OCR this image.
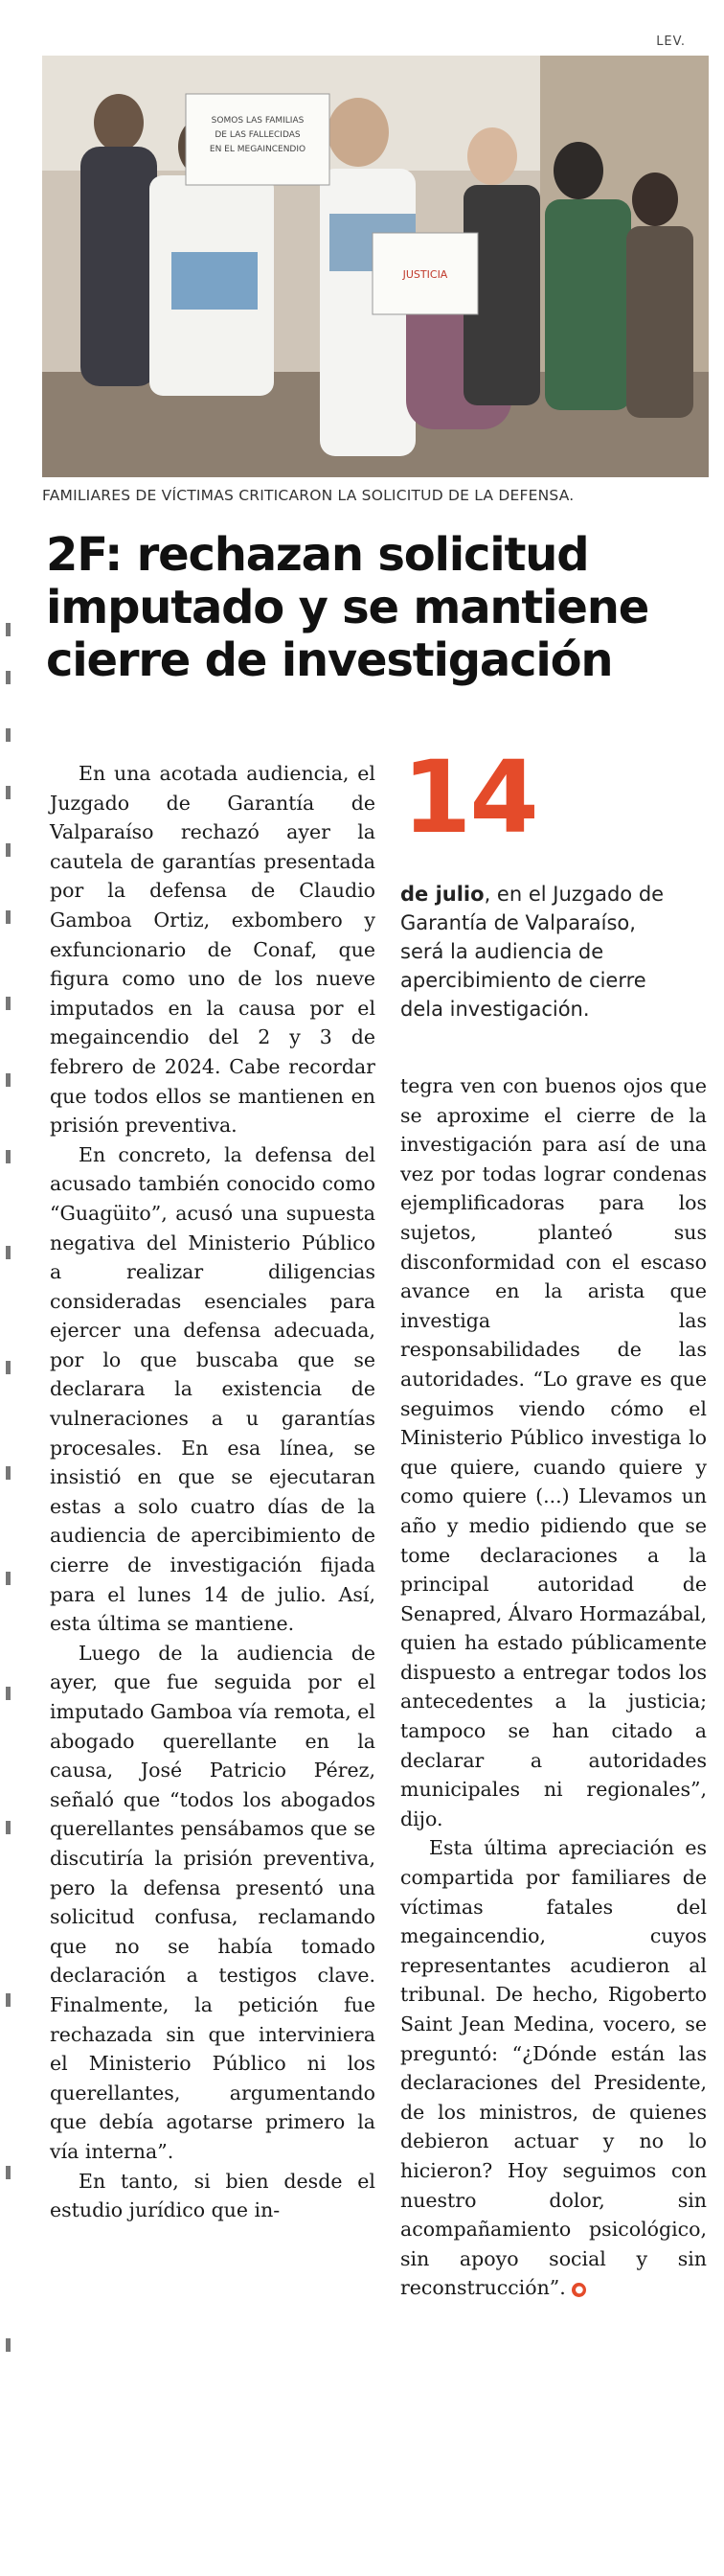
LEV.
SOMOS LAS FAMILIAS
DE LAS FALLECIDAS
EN EL MEGAINCENDIO
JUSTICIA
FAMILIARES DE VÍCTIMAS CRITICARON LA SOLICITUD DE LA DEFENSA.
2F: rechazan solicitud imputado y se mantiene cierre de investigación
14
de julio, en el Juzgado de Garantía de Valparaíso, será la audiencia de apercibimiento de cierre dela investigación.

En una acotada audiencia, el Juzgado de Garantía de Valparaíso rechazó ayer la cautela de garantías presentada por la defensa de Claudio Gamboa Ortiz, exbombero y exfuncionario de Conaf, que figura como uno de los nueve imputados en la causa por el megaincendio del 2 y 3 de febrero de 2024. Cabe recordar que todos ellos se mantienen en prisión preventiva.

En concreto, la defensa del acusado también conocido como “Guagüito”, acusó una supuesta negativa del Ministerio Público a realizar diligencias consideradas esenciales para ejercer una defensa adecuada, por lo que buscaba que se declarara la existencia de vulneraciones a u garantías procesales. En esa línea, se insistió en que se ejecutaran estas a solo cuatro días de la audiencia de apercibimiento de cierre de investigación fijada para el lunes 14 de julio. Así, esta última se mantiene.

Luego de la audiencia de ayer, que fue seguida por el imputado Gamboa vía remota, el abogado querellante en la causa, José Patricio Pérez, señaló que “todos los abogados querellantes pensábamos que se discutiría la prisión preventiva, pero la defensa presentó una solicitud confusa, reclamando que no se había tomado declaración a testigos clave. Finalmente, la petición fue rechazada sin que interviniera el Ministerio Público ni los querellantes, argumentando que debía agotarse primero la vía interna”.

En tanto, si bien desde el estudio jurídico que in-

tegra ven con buenos ojos que se aproxime el cierre de la investigación para así de una vez por todas lograr condenas ejemplificadoras para los sujetos, planteó sus disconformidad con el escaso avance en la arista que investiga las responsabilidades de las autoridades. “Lo grave es que seguimos viendo cómo el Ministerio Público investiga lo que quiere, cuando quiere y como quiere (...) Llevamos un año y medio pidiendo que se tome declaraciones a la principal autoridad de Senapred, Álvaro Hormazábal, quien ha estado públicamente dispuesto a entregar todos los antecedentes a la justicia; tampoco se han citado a declarar a autoridades municipales ni regionales”, dijo.

Esta última apreciación es compartida por familiares de víctimas fatales del megaincendio, cuyos representantes acudieron al tribunal. De hecho, Rigoberto Saint Jean Medina, vocero, se preguntó: “¿Dónde están las declaraciones del Presidente, de los ministros, de quienes debieron actuar y no lo hicieron? Hoy seguimos con nuestro dolor, sin acompañamiento psicológico, sin apoyo social y sin reconstrucción”. ●
